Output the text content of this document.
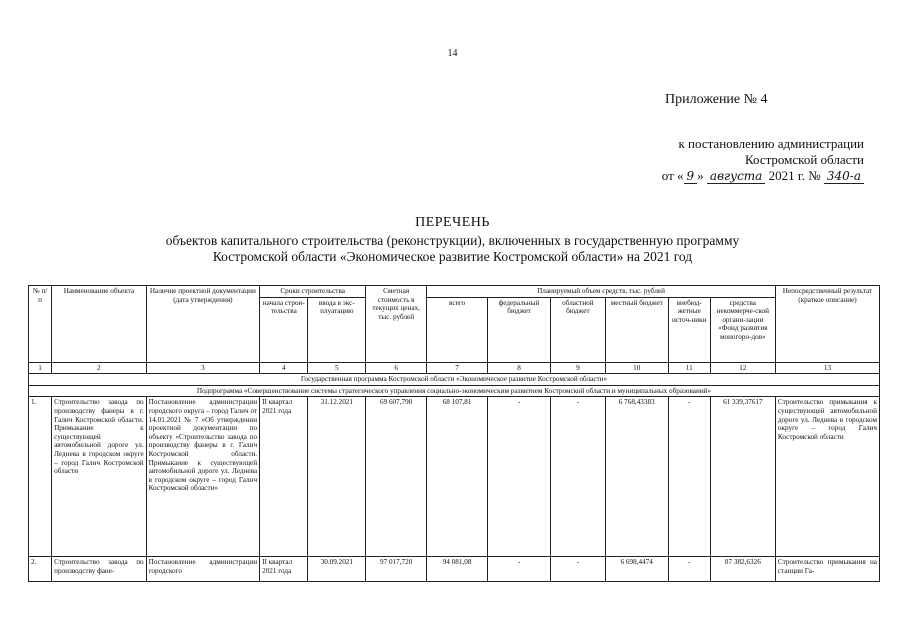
14
Приложение № 4
к постановлению администрации
Костромской области
от « 9 » августа 2021 г. № 340-а
ПЕРЕЧЕНЬ
объектов капитального строительства (реконструкции), включенных в государственную программу
Костромской области «Экономическое развитие Костромской области» на 2021 год
№ п/п	Наименование объекта	Наличие проектной документации (дата утверждения)	Сроки строительства		Сметная стоимость в текущих ценах, тыс. рублей	Планируемый объем средств, тыс. рублей						Непосредственный результат (краткое описание)
			начала строи-тельства	ввода в экс-плуатацию		всего	федеральный бюджет	областной бюджет	местный бюджет	внебюд-жетные источ-ники	средства некоммерче-ской органи-зации «Фонд развития моногоро-дов»	
1	2	3	4	5	6	7	8	9	10	11	12	13
Государственная программа Костромской области «Экономическое развитие Костромской области»												
Подпрограмма «Совершенствование системы стратегического управления социально-экономическим развитием Костромской области и муниципальных образований»												
1.	Строительство завода по производству фанеры в г. Галич Костромской области. Примыкание к существующей автомобильной дороге ул. Леднева в городском округе – город Галич Костромской области	Постановление администрации городского округа – город Галич от 14.01.2021 № 7 «Об утверждении проектной документации по объекту «Строительство завода по производству фанеры в г. Галич Костромской области. Примыкание к существующей автомобильной дороге ул. Леднева в городском округе – город Галич Костромской области»	II квартал 2021 года	31.12.2021	69 607,790	68 107,81	-	-	6 768,43383	-	61 339,37617	Строительство примыкания к существующей автомобильной дороге ул. Леднева в городском округе – город Галич Костромской области
2.	Строительство завода по производству фане-	Постановление администрации городского	II квартал 2021 года	30.09.2021	97 017,720	94 081,08	-	-	6 698,4474	-	87 382,6326	Строительство примыкания на станции Га-
